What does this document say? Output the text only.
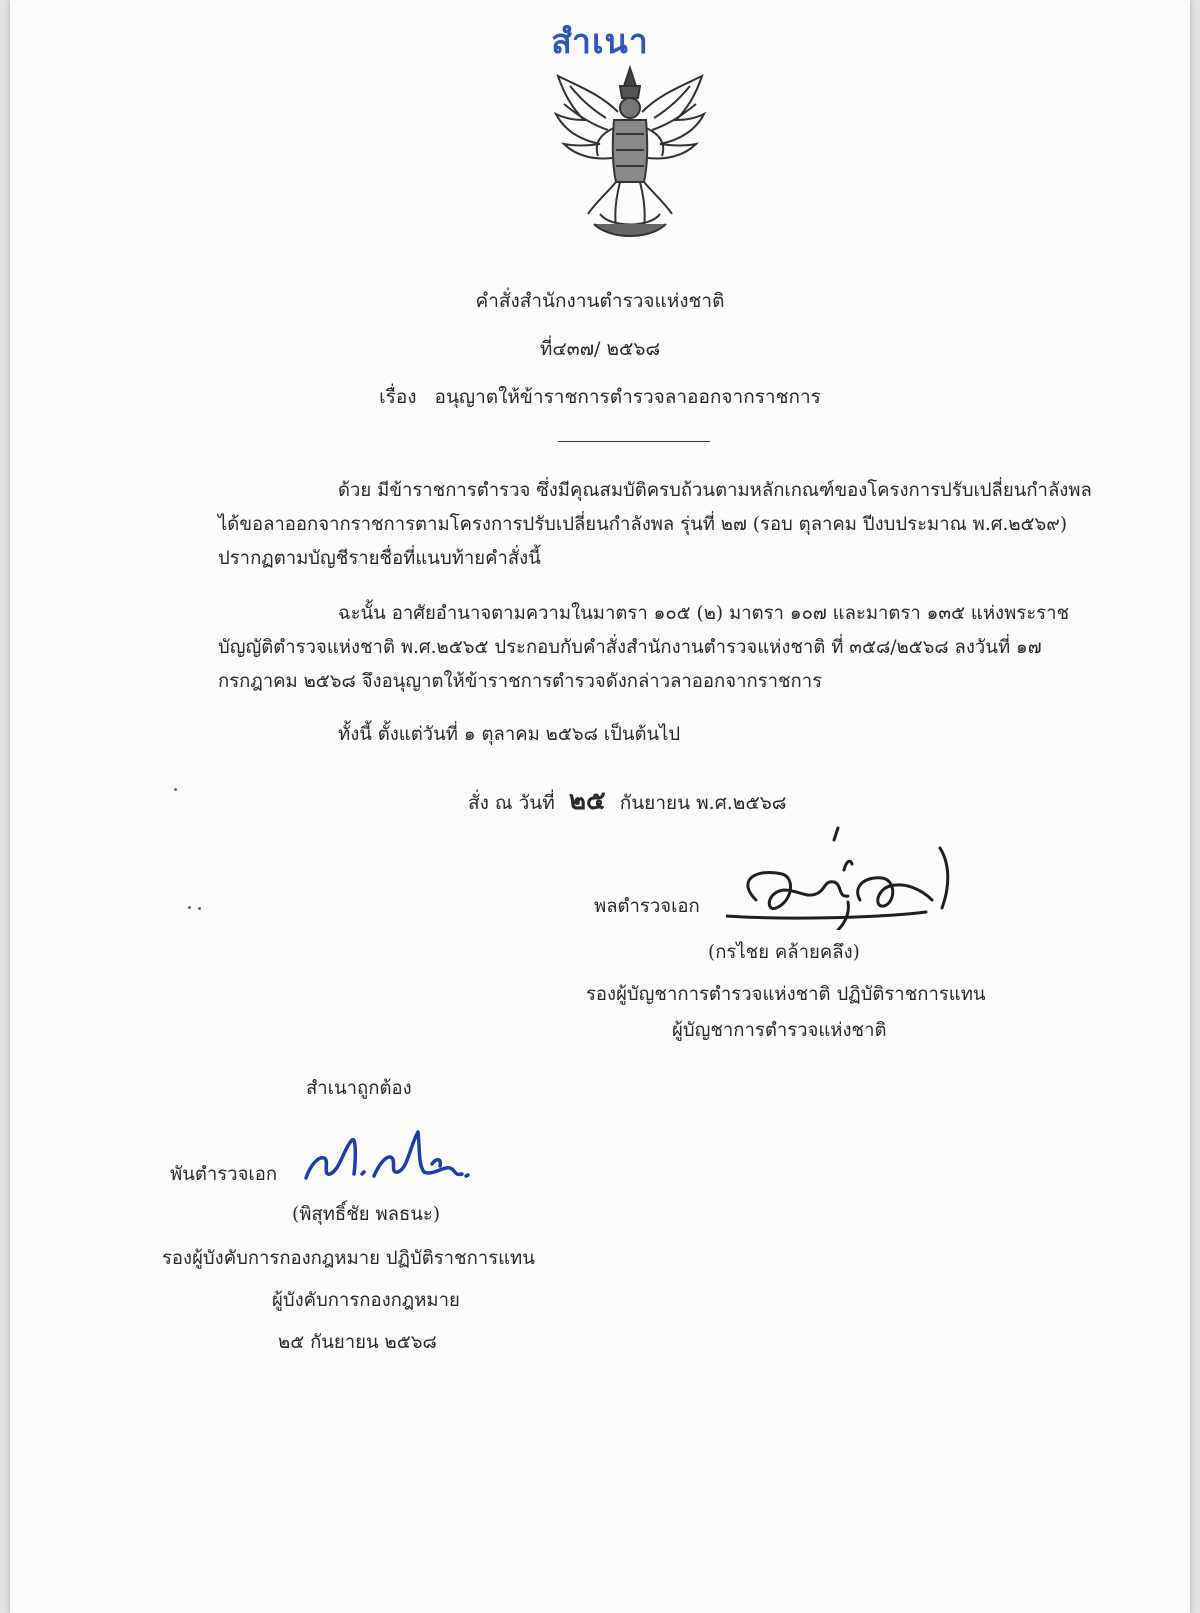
สำเนา
คำสั่งสำนักงานตำรวจแห่งชาติ
ที่๔๓๗/ ๒๕๖๘
เรื่อง อนุญาตให้ข้าราชการตำรวจลาออกจากราชการ
ด้วย มีข้าราชการตำรวจ ซึ่งมีคุณสมบัติครบถ้วนตามหลักเกณฑ์ของโครงการปรับเปลี่ยนกำลังพล ได้ขอลาออกจากราชการตามโครงการปรับเปลี่ยนกำลังพล รุ่นที่ ๒๗ (รอบ ตุลาคม ปีงบประมาณ พ.ศ.๒๕๖๙) ปรากฏตามบัญชีรายชื่อที่แนบท้ายคำสั่งนี้
ฉะนั้น อาศัยอำนาจตามความในมาตรา ๑๐๕ (๒) มาตรา ๑๐๗ และมาตรา ๑๓๕ แห่งพระราชบัญญัติตำรวจแห่งชาติ พ.ศ.๒๕๖๕ ประกอบกับคำสั่งสำนักงานตำรวจแห่งชาติ ที่ ๓๕๘/๒๕๖๘ ลงวันที่ ๑๗ กรกฎาคม ๒๕๖๘ จึงอนุญาตให้ข้าราชการตำรวจดังกล่าวลาออกจากราชการ
ทั้งนี้ ตั้งแต่วันที่ ๑ ตุลาคม ๒๕๖๘ เป็นต้นไป
สั่ง ณ วันที่ ๒๕ กันยายน พ.ศ.๒๕๖๘
พลตำรวจเอก
(กรไชย คล้ายคลึง)
รองผู้บัญชาการตำรวจแห่งชาติ ปฏิบัติราชการแทน
ผู้บัญชาการตำรวจแห่งชาติ
สำเนาถูกต้อง
พันตำรวจเอก
(พิสุทธิ์ชัย พลธนะ)
รองผู้บังคับการกองกฎหมาย ปฏิบัติราชการแทน
ผู้บังคับการกองกฎหมาย
๒๕ กันยายน ๒๕๖๘
